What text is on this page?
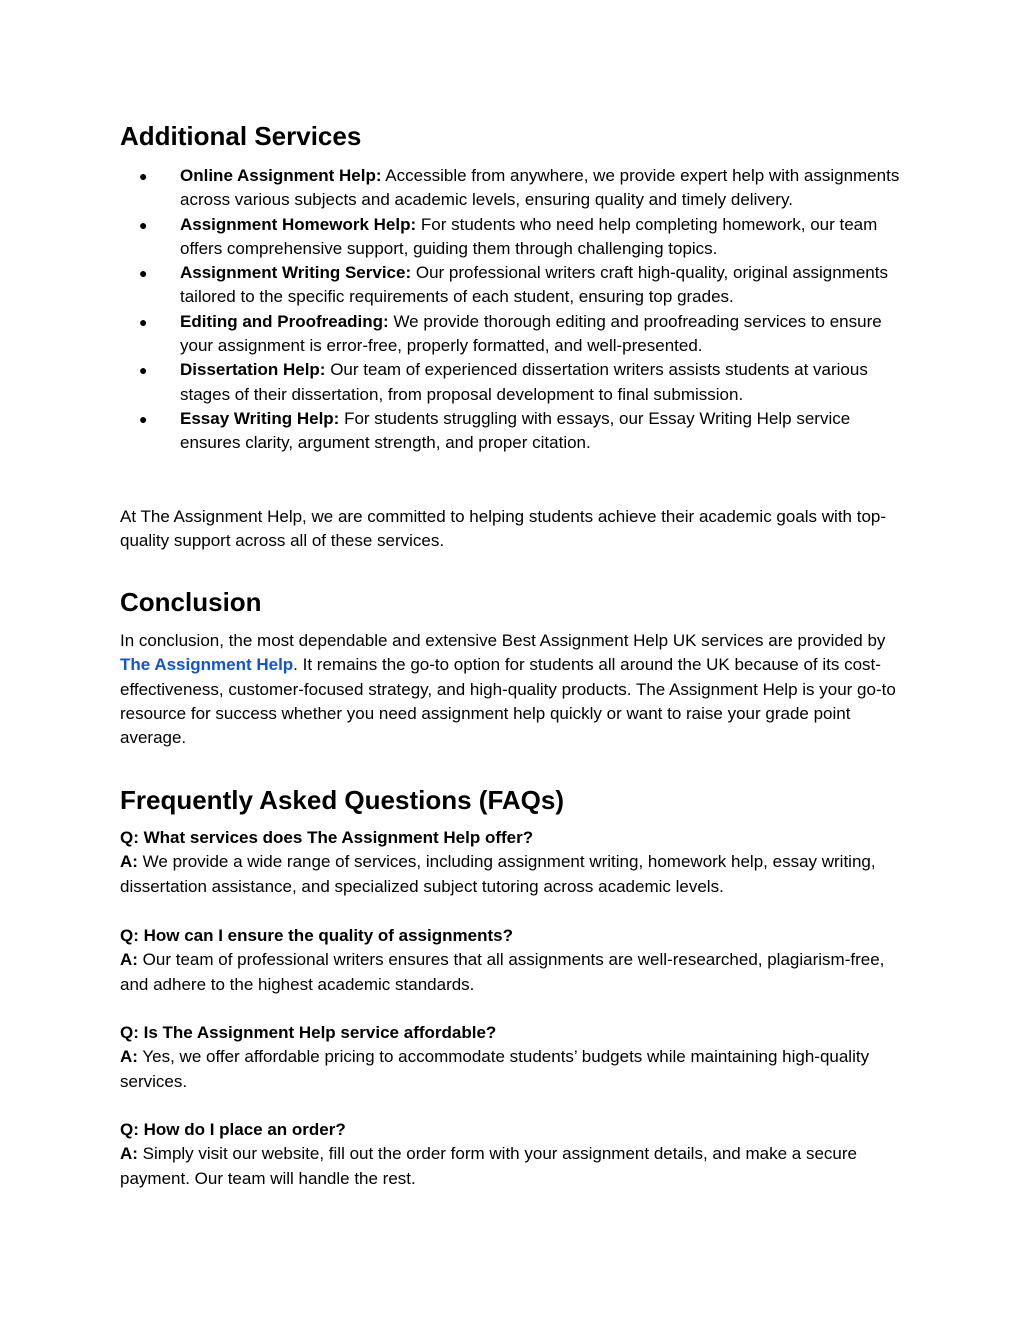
Additional Services
● Online Assignment Help: Accessible from anywhere, we provide expert help with assignments across various subjects and academic levels, ensuring quality and timely delivery.
● Assignment Homework Help: For students who need help completing homework, our team offers comprehensive support, guiding them through challenging topics.
● Assignment Writing Service: Our professional writers craft high-quality, original assignments tailored to the specific requirements of each student, ensuring top grades.
● Editing and Proofreading: We provide thorough editing and proofreading services to ensure your assignment is error-free, properly formatted, and well-presented.
● Dissertation Help: Our team of experienced dissertation writers assists students at various stages of their dissertation, from proposal development to final submission.
● Essay Writing Help: For students struggling with essays, our Essay Writing Help service ensures clarity, argument strength, and proper citation.

At The Assignment Help, we are committed to helping students achieve their academic goals with top-quality support across all of these services.

Conclusion

In conclusion, the most dependable and extensive Best Assignment Help UK services are provided by The Assignment Help. It remains the go-to option for students all around the UK because of its cost-effectiveness, customer-focused strategy, and high-quality products. The Assignment Help is your go-to resource for success whether you need assignment help quickly or want to raise your grade point average.

Frequently Asked Questions (FAQs)

Q: What services does The Assignment Help offer?

A: We provide a wide range of services, including assignment writing, homework help, essay writing, dissertation assistance, and specialized subject tutoring across academic levels.

Q: How can I ensure the quality of assignments?

A: Our team of professional writers ensures that all assignments are well-researched, plagiarism-free, and adhere to the highest academic standards.

Q: Is The Assignment Help service affordable?

A: Yes, we offer affordable pricing to accommodate students’ budgets while maintaining high-quality services.

Q: How do I place an order?

A: Simply visit our website, fill out the order form with your assignment details, and make a secure payment. Our team will handle the rest.
